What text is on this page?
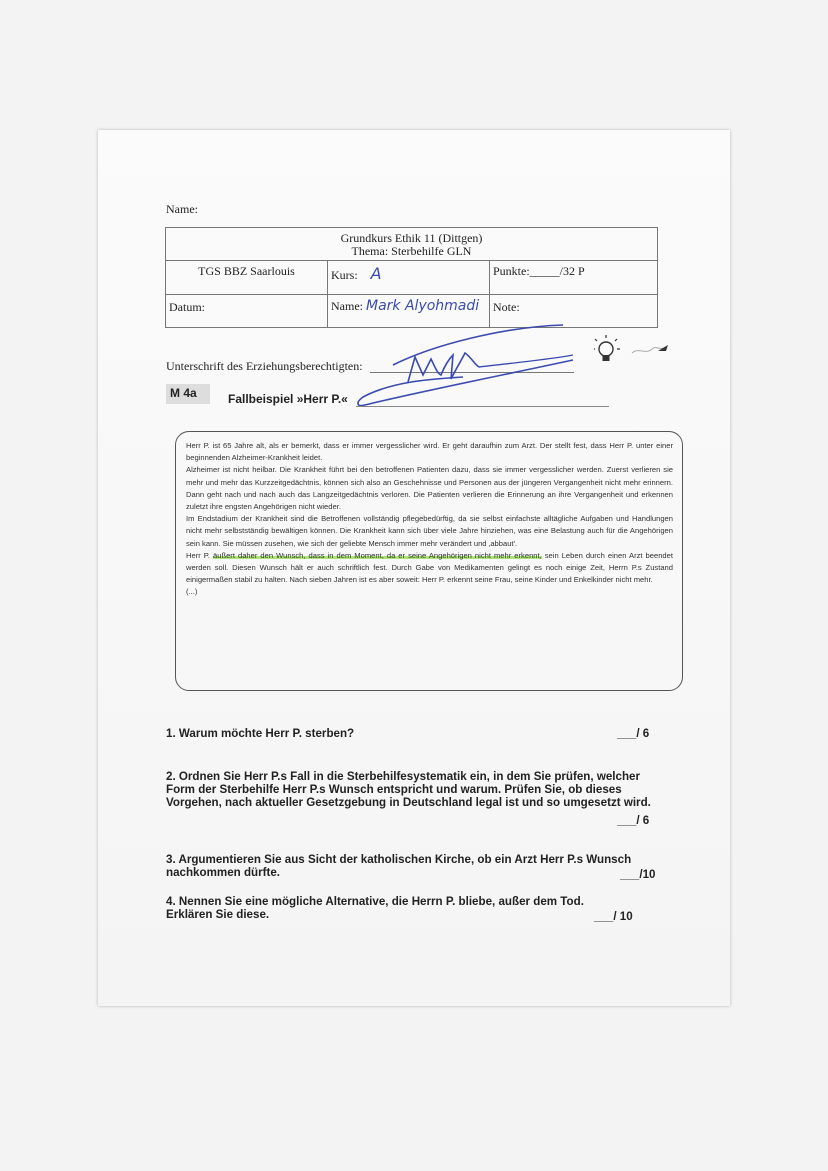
Name:
Grundkurs Ethik 11 (Dittgen)
Thema: Sterbehilfe GLN		

TGS BBZ Saarlouis	Kurs: A	Punkte:_____/32 P
Datum:	Name: Mark Alyohmadi	Note:
Unterschrift des Erziehungsberechtigten:
M 4a	Fallbeispiel »Herr P.«

Herr P. ist 65 Jahre alt, als er bemerkt, dass er immer vergesslicher wird. Er geht daraufhin zum Arzt. Der stellt fest, dass Herr P. unter einer beginnenden Alzheimer-Krankheit leidet.

Alzheimer ist nicht heilbar. Die Krankheit führt bei den betroffenen Patienten dazu, dass sie immer vergesslicher werden. Zuerst verlieren sie mehr und mehr das Kurzzeitgedächtnis, können sich also an Geschehnisse und Personen aus der jüngeren Vergangenheit nicht mehr erinnern. Dann geht nach und nach auch das Langzeitgedächtnis verloren. Die Patienten verlieren die Erinnerung an ihre Vergangenheit und erkennen zuletzt ihre engsten Angehörigen nicht wieder.

Im Endstadium der Krankheit sind die Betroffenen vollständig pflegebedürftig, da sie selbst einfachste alltägliche Aufgaben und Handlungen nicht mehr selbstständig bewältigen können. Die Krankheit kann sich über viele Jahre hinziehen, was eine Belastung auch für die Angehörigen sein kann. Sie müssen zusehen, wie sich der geliebte Mensch immer mehr verändert und ‚abbaut'.

Herr P. äußert daher den Wunsch, dass in dem Moment, da er seine Angehörigen nicht mehr erkennt, sein Leben durch einen Arzt beendet werden soll. Diesen Wunsch hält er auch schriftlich fest. Durch Gabe von Medikamenten gelingt es noch einige Zeit, Herrn P.s Zustand einigermaßen stabil zu halten. Nach sieben Jahren ist es aber soweit: Herr P. erkennt seine Frau, seine Kinder und Enkelkinder nicht mehr.

(...)

1. Warum möchte Herr P. sterben?	___/ 6
2. Ordnen Sie Herr P.s Fall in die Sterbehilfesystematik ein, in dem Sie prüfen, welcher Form der Sterbehilfe Herr P.s Wunsch entspricht und warum. Prüfen Sie, ob dieses Vorgehen, nach aktueller Gesetzgebung in Deutschland legal ist und so umgesetzt wird.
___/ 6
3. Argumentieren Sie aus Sicht der katholischen Kirche, ob ein Arzt Herr P.s Wunsch nachkommen dürfte.	___/10
4. Nennen Sie eine mögliche Alternative, die Herrn P. bliebe, außer dem Tod. Erklären Sie diese.	___/ 10
